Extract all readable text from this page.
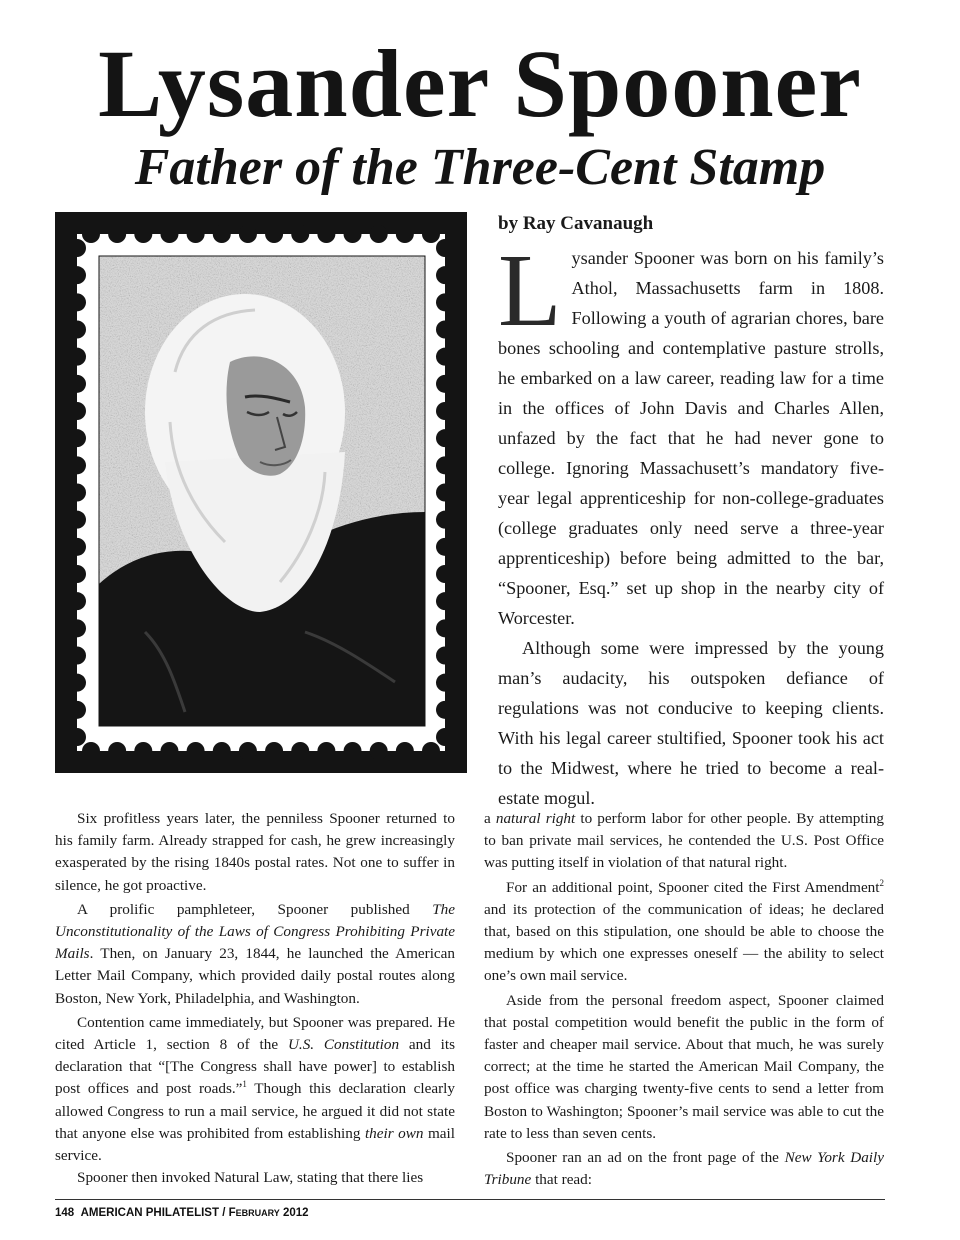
Lysander Spooner
Father of the Three-Cent Stamp
by Ray Cavanaugh

Lysander Spooner was born on his family’s Athol, Massachusetts farm in 1808. Following a youth of agrarian chores, bare bones schooling and contemplative pasture strolls, he embarked on a law career, reading law for a time in the offices of John Davis and Charles Allen, unfazed by the fact that he had never gone to college. Ignoring Massachusett’s mandatory five-year legal apprenticeship for non-college-graduates (college graduates only need serve a three-year apprenticeship) before being admitted to the bar, “Spooner, Esq.” set up shop in the nearby city of Worcester.

Although some were impressed by the young man’s audacity, his outspoken defiance of regulations was not conducive to keeping clients. With his legal career stultified, Spooner took his act to the Midwest, where he tried to become a real-estate mogul.

Six profitless years later, the penniless Spooner returned to his family farm. Already strapped for cash, he grew increasingly exasperated by the rising 1840s postal rates. Not one to suffer in silence, he got proactive.

A prolific pamphleteer, Spooner published The Unconstitutionality of the Laws of Congress Prohibiting Private Mails. Then, on January 23, 1844, he launched the American Letter Mail Company, which provided daily postal routes along Boston, New York, Philadelphia, and Washington.

Contention came immediately, but Spooner was prepared. He cited Article 1, section 8 of the U.S. Constitution and its declaration that “[The Congress shall have power] to establish post offices and post roads.”$^1$ Though this declaration clearly allowed Congress to run a mail service, he argued it did not state that anyone else was prohibited from establishing their own mail service.

Spooner then invoked Natural Law, stating that there lies

a natural right to perform labor for other people. By attempting to ban private mail services, he contended the U.S. Post Office was putting itself in violation of that natural right.

For an additional point, Spooner cited the First Amendment$^2$ and its protection of the communication of ideas; he declared that, based on this stipulation, one should be able to choose the medium by which one expresses oneself — the ability to select one’s own mail service.

Aside from the personal freedom aspect, Spooner claimed that postal competition would benefit the public in the form of faster and cheaper mail service. About that much, he was surely correct; at the time he started the American Mail Company, the post office was charging twenty-five cents to send a letter from Boston to Washington; Spooner’s mail service was able to cut the rate to less than seven cents.

Spooner ran an ad on the front page of the New York Daily Tribune that read:

148 AMERICAN PHILATELIST / FEBRUARY 2012
